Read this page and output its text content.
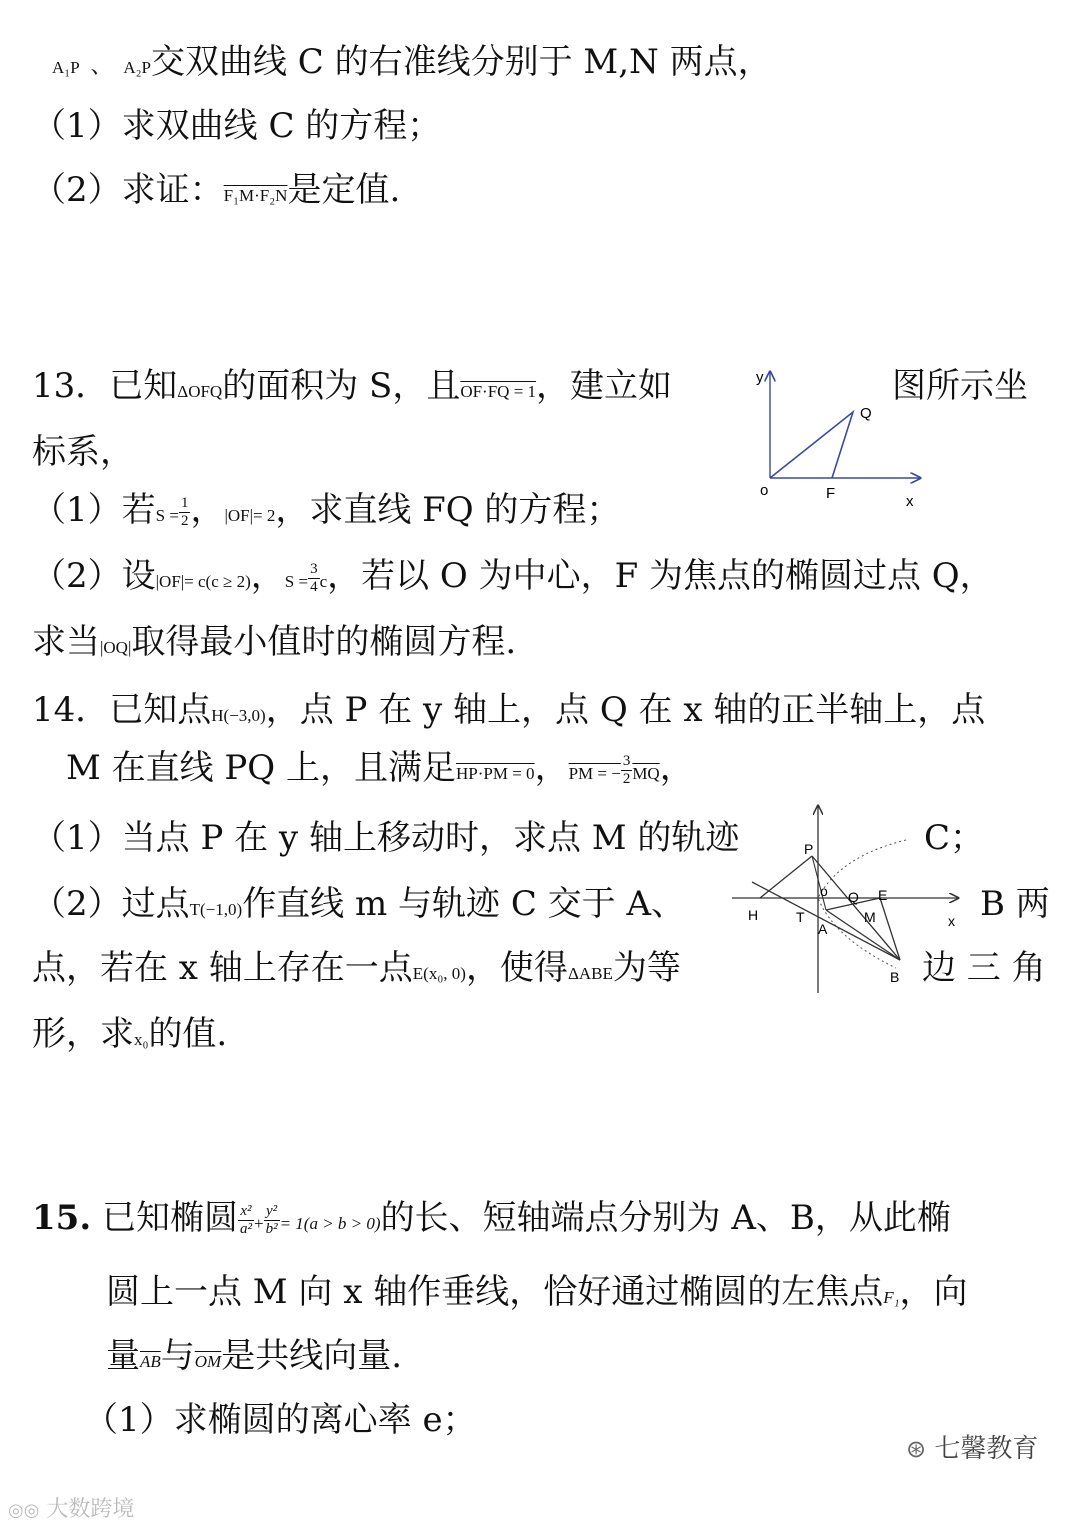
A₁P 、 A₂P交双曲线 C 的右准线分别于 M,N 两点，
（1）求双曲线 C 的方程；
（2）求证：F₁M·F₂N是定值.
13．已知ΔOFQ的面积为 S，且OF·FQ = 1，建立如	图所示坐
标系，
（1）若$S = \frac{1}{2}$ ，|OF|= 2，求直线 FQ 的方程；
（2）设|OF|= c(c ≥ 2)，$S = \frac{3}{4}$ c，若以 O 为中心，F 为焦点的椭圆过点 Q，
求当|OQ|取得最小值时的椭圆方程.
y
o	F
Q
x
14．已知点H(−3,0)，点 P 在 y 轴上，点 Q 在 x 轴的正半轴上，点
M 在直线 PQ 上，且满足HP·PM = 0，PM = − $\frac{3}{2} \overline{MQ}$，
（1）当点 P 在 y 轴上移动时，求点 M 的轨迹	C；
（2）过点T(−1,0)作直线 m 与轨迹 C 交于 A、	B 两
点，若在 x 轴上存在一点E(x₀, 0)，使得ΔABE为等	边 三 角
形，求x₀的值.
P
H	T
o Q E
M
A
B
x
15. 已知椭圆 $\frac{\text{x²}}{\text{a²}} + \frac{\text{y²}}{\text{b²}} = 1(a > b > 0)$的长、短轴端点分别为 A、B，从此椭
圆上一点 M 向 x 轴作垂线，恰好通过椭圆的左焦点F₁，向
量$\overline{AB}$与$\overline{OM}$是共线向量.
（1）求椭圆的离心率 e；
◎◎ 大数跨境
⊛ 七馨教育
